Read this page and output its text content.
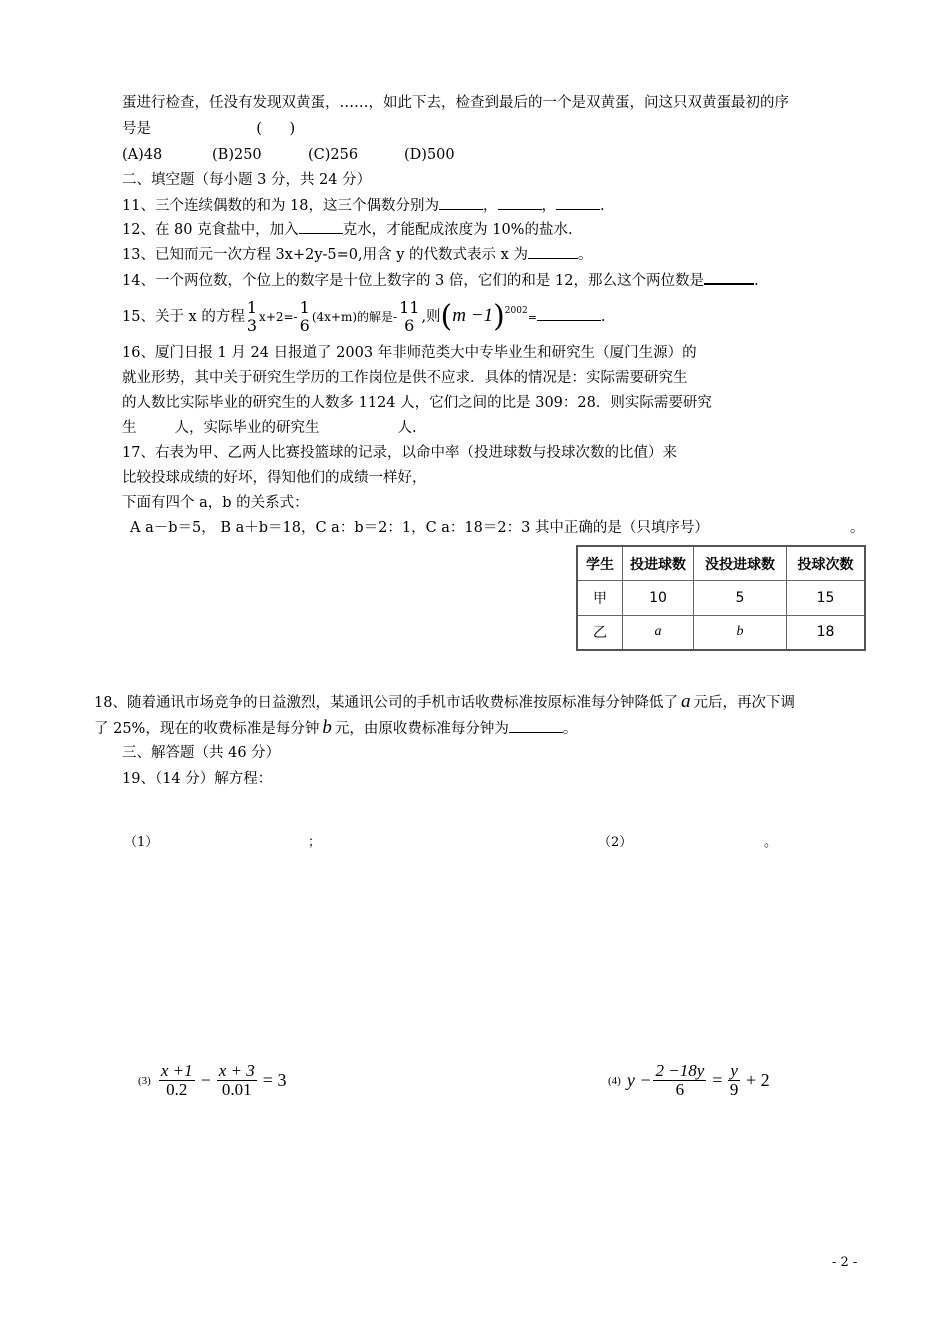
蛋进行检查，任没有发现双黄蛋，……，如此下去，检查到最后的一个是双黄蛋，问这只双黄蛋最初的序
号是	(      )
(A)48	(B)250	(C)256	(D)500
二、填空题（每小题 3 分，共 24 分）
11、三个连续偶数的和为 18，这三个偶数分别为	，	，	.
12、在 80 克食盐中，加入	克水，才能配成浓度为 10%的盐水.
13、已知而元一次方程 3x+2y-5=0,用含 y 的代数式表示 x 为	。
14、一个两位数，个位上的数字是十位上数字的 3 倍，它们的和是 12，那么这个两位数是	.
15、关于 x 的方程 1
3 x+2=- 1
6 (4x+m)的解是- 11
6 ,则$(m -1)^{2002}=$	.
16、厦门日报 1 月 24 日报道了 2003 年非师范类大中专毕业生和研究生（厦门生源）的
就业形势，其中关于研究生学历的工作岗位是供不应求．具体的情况是：实际需要研究生
的人数比实际毕业的研究生的人数多 1124 人，它们之间的比是 309：28．则实际需要研究
生	人，实际毕业的研究生	人.
17、右表为甲、乙两人比赛投篮球的记录，以命中率（投进球数与投球次数的比值）来
比较投球成绩的好坏，得知他们的成绩一样好，
下面有四个 a，b 的关系式：
A a－b＝5， B a＋b＝18，C a：b＝2：1，C a：18＝2：3 其中正确的是（只填序号）	。
学生	投进球数	没投进球数	投球次数
甲	10	5	15
乙	a	b	18
18、随着通讯市场竞争的日益激烈，某通讯公司的手机市话收费标准按原标准每分钟降低了 a 元后，再次下调
了 25%，现在的收费标准是每分钟 b 元，由原收费标准每分钟为	。
三、解答题（共 46 分）
19、（14 分）解方程：
（1）	；	（2）	。
$(3) \frac{x +1}{0.2} - \frac{x + 3}{0.01} = 3$	(4) $y - \frac{2 -18y}{6} = \frac{y}{9} + 2$
- 2 -
